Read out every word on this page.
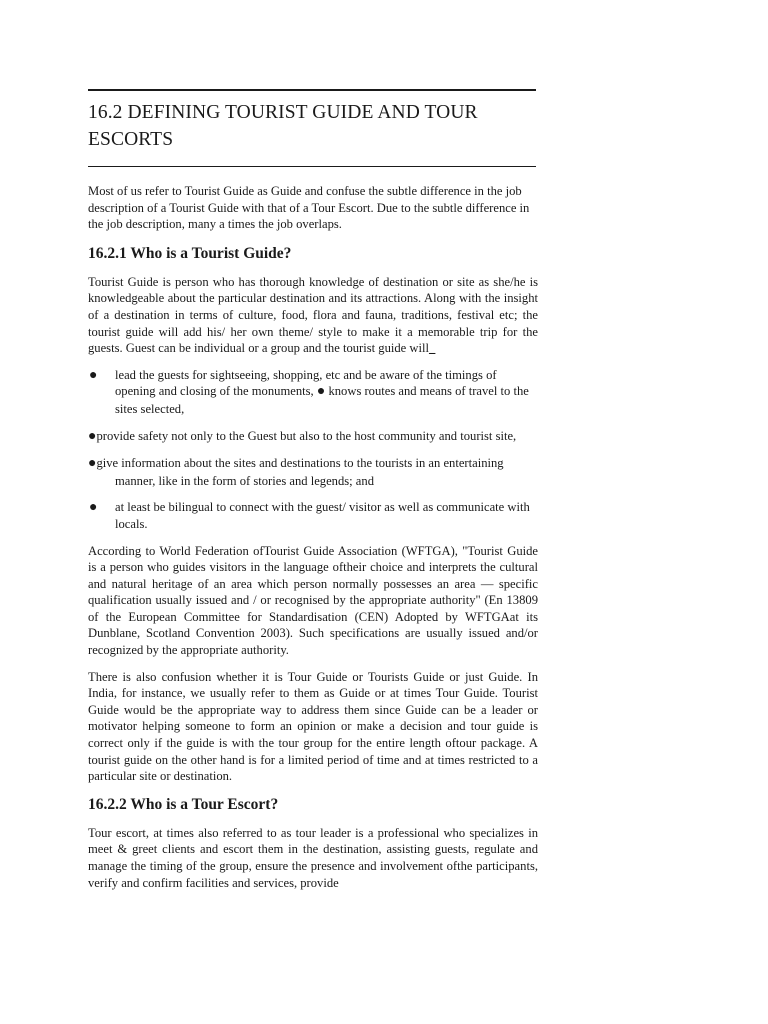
16.2 DEFINING TOURIST GUIDE AND TOUR ESCORTS

Most of us refer to Tourist Guide as Guide and confuse the subtle difference in the job description of a Tourist Guide with that of a Tour Escort. Due to the subtle difference in the job description, many a times the job overlaps.

16.2.1 Who is a Tourist Guide?

Tourist Guide is person who has thorough knowledge of destination or site as she/he is knowledgeable about the particular destination and its attractions. Along with the insight of a destination in terms of culture, food, flora and fauna, traditions, festival etc; the tourist guide will add his/ her own theme/ style to make it a memorable trip for the guests. Guest can be individual or a group and the tourist guide will_

● lead the guests for sightseeing, shopping, etc and be aware of the timings of opening and closing of the monuments, ● knows routes and means of travel to the sites selected,
●provide safety not only to the Guest but also to the host community and tourist site,
●give information about the sites and destinations to the tourists in an entertaining manner, like in the form of stories and legends; and
● at least be bilingual to connect with the guest/ visitor as well as communicate with locals.

According to World Federation ofTourist Guide Association (WFTGA), "Tourist Guide is a person who guides visitors in the language oftheir choice and interprets the cultural and natural heritage of an area which person normally possesses an area — specific qualification usually issued and / or recognised by the appropriate authority" (En 13809 of the European Committee for Standardisation (CEN) Adopted by WFTGAat its Dunblane, Scotland Convention 2003). Such specifications are usually issued and/or recognized by the appropriate authority.

There is also confusion whether it is Tour Guide or Tourists Guide or just Guide. In India, for instance, we usually refer to them as Guide or at times Tour Guide. Tourist Guide would be the appropriate way to address them since Guide can be a leader or motivator helping someone to form an opinion or make a decision and tour guide is correct only if the guide is with the tour group for the entire length oftour package. A tourist guide on the other hand is for a limited period of time and at times restricted to a particular site or destination.

16.2.2 Who is a Tour Escort?

Tour escort, at times also referred to as tour leader is a professional who specializes in meet & greet clients and escort them in the destination, assisting guests, regulate and manage the timing of the group, ensure the presence and involvement ofthe participants, verify and confirm facilities and services, provide
